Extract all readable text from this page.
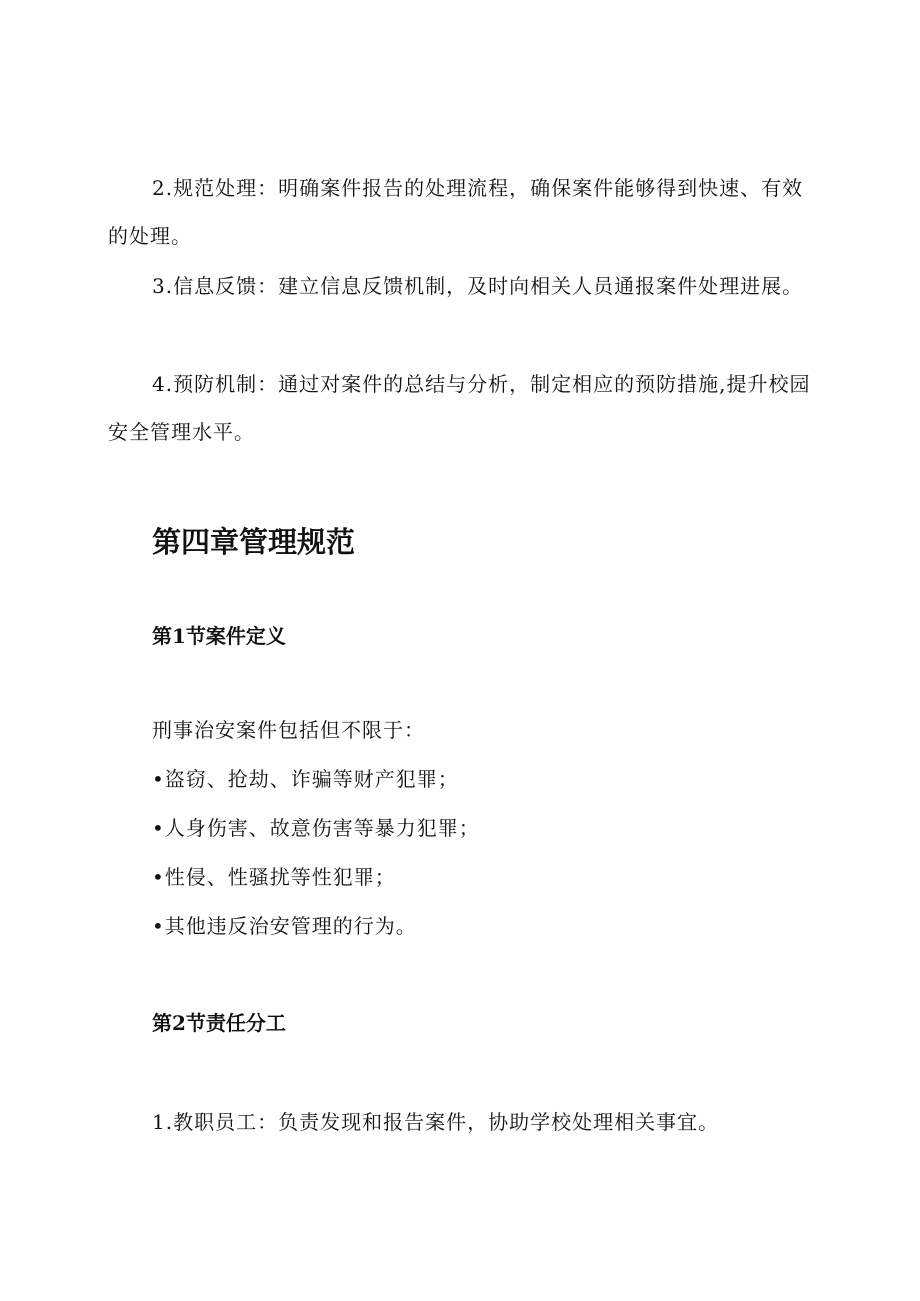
2.规范处理：明确案件报告的处理流程，确保案件能够得到快速、有效的处理。

3.信息反馈：建立信息反馈机制，及时向相关人员通报案件处理进展。

4.预防机制：通过对案件的总结与分析，制定相应的预防措施,提升校园安全管理水平。

第四章管理规范
第1节案件定义

刑事治安案件包括但不限于：

•盗窃、抢劫、诈骗等财产犯罪；

•人身伤害、故意伤害等暴力犯罪；

•性侵、性骚扰等性犯罪；

•其他违反治安管理的行为。

第2节责任分工

1.教职员工：负责发现和报告案件，协助学校处理相关事宜。
